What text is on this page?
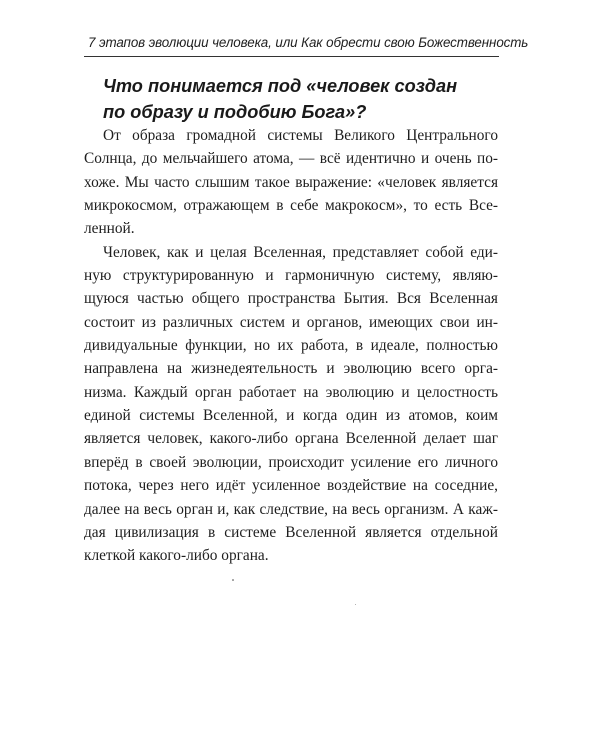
7 этапов эволюции человека, или Как обрести свою Божественность
Что понимается под «человек создан
по образу и подобию Бога»?

От образа громадной системы Великого Центрального
Солнца, до мельчайшего атома, — всё идентично и очень по-
хоже. Мы часто слышим такое выражение: «человек является
микрокосмом, отражающем в себе макрокосм», то есть Все-
ленной.

Человек, как и целая Вселенная, представляет собой еди-
ную структурированную и гармоничную систему, являю-
щуюся частью общего пространства Бытия. Вся Вселенная
состоит из различных систем и органов, имеющих свои ин-
дивидуальные функции, но их работа, в идеале, полностью
направлена на жизнедеятельность и эволюцию всего орга-
низма. Каждый орган работает на эволюцию и целостность
единой системы Вселенной, и когда один из атомов, коим
является человек, какого-либо органа Вселенной делает шаг
вперёд в своей эволюции, происходит усиление его личного
потока, через него идёт усиленное воздействие на соседние,
далее на весь орган и, как следствие, на весь организм. А каж-
дая цивилизация в системе Вселенной является отдельной
клеткой какого-либо органа.
